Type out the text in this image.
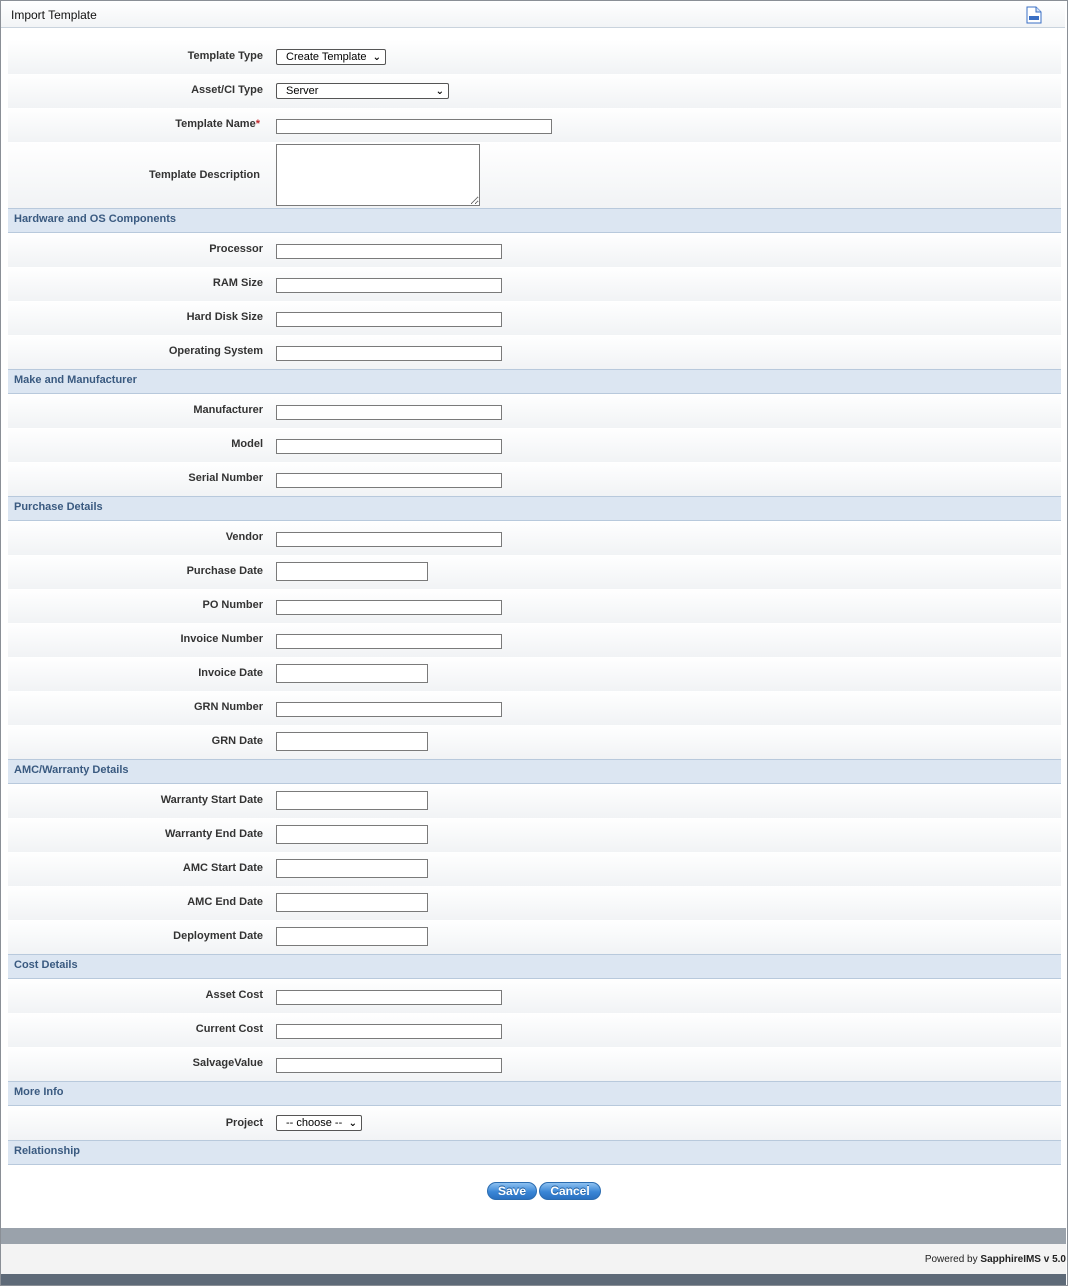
Import Template
Template Type	Create Template ⌄
Asset/CI Type	Server	⌄
Template Name*
Template Description
Hardware and OS Components
Processor
RAM Size
Hard Disk Size
Operating System
Make and Manufacturer
Manufacturer
Model
Serial Number
Purchase Details
Vendor
Purchase Date
PO Number
Invoice Number
Invoice Date
GRN Number
GRN Date
AMC/Warranty Details
Warranty Start Date
Warranty End Date
AMC Start Date
AMC End Date
Deployment Date
Cost Details
Asset Cost
Current Cost
SalvageValue
More Info
Project	-- choose -- ⌄
Relationship
Save Cancel
Powered by SapphireIMS v 5.0
